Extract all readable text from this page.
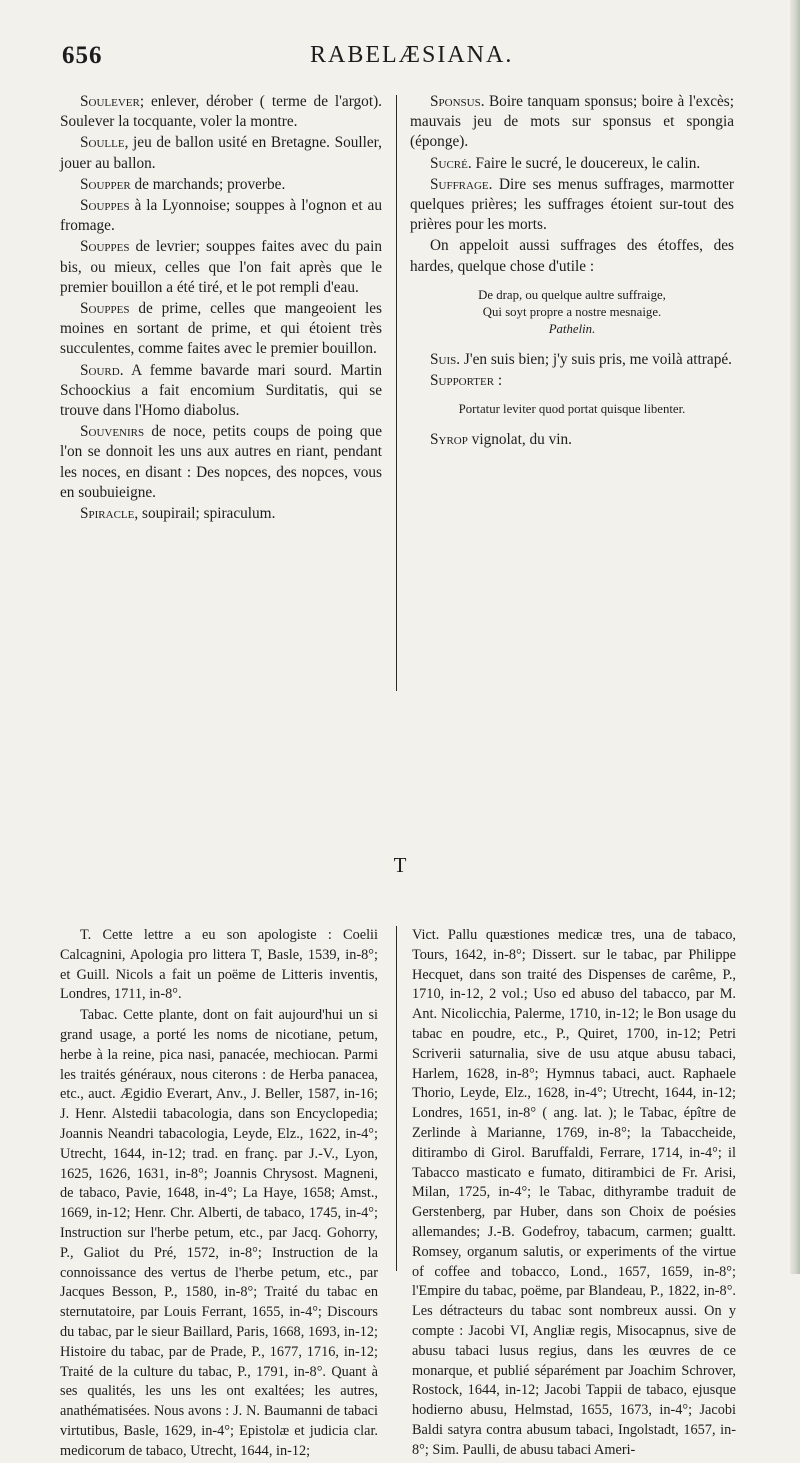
656	RABELÆSIANA.

Soulever; enlever, dérober ( terme de l'argot). Soulever la tocquante, voler la montre.

Soulle, jeu de ballon usité en Bretagne. Souller, jouer au ballon.

Soupper de marchands; proverbe.

Souppes à la Lyonnoise; souppes à l'ognon et au fromage.

Souppes de levrier; souppes faites avec du pain bis, ou mieux, celles que l'on fait après que le premier bouillon a été tiré, et le pot rempli d'eau.

Souppes de prime, celles que mangeoient les moines en sortant de prime, et qui étoient très succulentes, comme faites avec le premier bouillon.

Sourd. A femme bavarde mari sourd. Martin Schoockius a fait encomium Surditatis, qui se trouve dans l'Homo diabolus.

Souvenirs de noce, petits coups de poing que l'on se donnoit les uns aux autres en riant, pendant les noces, en disant : Des nopces, des nopces, vous en soubuieigne.

Spiracle, soupirail; spiraculum.

Sponsus. Boire tanquam sponsus; boire à l'excès; mauvais jeu de mots sur sponsus et spongia (éponge).

Sucré. Faire le sucré, le doucereux, le calin.

Suffrage. Dire ses menus suffrages, marmotter quelques prières; les suffrages étoient sur-tout des prières pour les morts.

On appeloit aussi suffrages des étoffes, des hardes, quelque chose d'utile :

De drap, ou quelque aultre suffraige,
Qui soyt propre a nostre mesnaige.
Pathelin.

Suis. J'en suis bien; j'y suis pris, me voilà attrapé.

Supporter :

Portatur leviter quod portat quisque libenter.

Syrop vignolat, du vin.

T

T. Cette lettre a eu son apologiste : Coelii Calcagnini, Apologia pro littera T, Basle, 1539, in-8°; et Guill. Nicols a fait un poëme de Litteris inventis, Londres, 1711, in-8°.

Tabac. Cette plante, dont on fait aujourd'hui un si grand usage, a porté les noms de nicotiane, petum, herbe à la reine, pica nasi, panacée, mechiocan. Parmi les traités généraux, nous citerons : de Herba panacea, etc., auct. Ægidio Everart, Anv., J. Beller, 1587, in-16; J. Henr. Alstedii tabacologia, dans son Encyclopedia; Joannis Neandri tabacologia, Leyde, Elz., 1622, in-4°; Utrecht, 1644, in-12; trad. en franç. par J.-V., Lyon, 1625, 1626, 1631, in-8°; Joannis Chrysost. Magneni, de tabaco, Pavie, 1648, in-4°; La Haye, 1658; Amst., 1669, in-12; Henr. Chr. Alberti, de tabaco, 1745, in-4°; Instruction sur l'herbe petum, etc., par Jacq. Gohorry, P., Galiot du Pré, 1572, in-8°; Instruction de la connoissance des vertus de l'herbe petum, etc., par Jacques Besson, P., 1580, in-8°; Traité du tabac en sternutatoire, par Louis Ferrant, 1655, in-4°; Discours du tabac, par le sieur Baillard, Paris, 1668, 1693, in-12; Histoire du tabac, par de Prade, P., 1677, 1716, in-12; Traité de la culture du tabac, P., 1791, in-8°. Quant à ses qualités, les uns les ont exaltées; les autres, anathématisées. Nous avons : J. N. Baumanni de tabaci virtutibus, Basle, 1629, in-4°; Epistolæ et judicia clar. medicorum de tabaco, Utrecht, 1644, in-12;

Vict. Pallu quæstiones medicæ tres, una de tabaco, Tours, 1642, in-8°; Dissert. sur le tabac, par Philippe Hecquet, dans son traité des Dispenses de carême, P., 1710, in-12, 2 vol.; Uso ed abuso del tabacco, par M. Ant. Nicolicchia, Palerme, 1710, in-12; le Bon usage du tabac en poudre, etc., P., Quiret, 1700, in-12; Petri Scriverii saturnalia, sive de usu atque abusu tabaci, Harlem, 1628, in-8°; Hymnus tabaci, auct. Raphaele Thorio, Leyde, Elz., 1628, in-4°; Utrecht, 1644, in-12; Londres, 1651, in-8° ( ang. lat. ); le Tabac, épître de Zerlinde à Marianne, 1769, in-8°; la Tabaccheide, ditirambo di Girol. Baruffaldi, Ferrare, 1714, in-4°; il Tabacco masticato e fumato, ditirambici de Fr. Arisi, Milan, 1725, in-4°; le Tabac, dithyrambe traduit de Gerstenberg, par Huber, dans son Choix de poésies allemandes; J.-B. Godefroy, tabacum, carmen; gualtt. Romsey, organum salutis, or experiments of the virtue of coffee and tobacco, Lond., 1657, 1659, in-8°; l'Empire du tabac, poëme, par Blandeau, P., 1822, in-8°. Les détracteurs du tabac sont nombreux aussi. On y compte : Jacobi VI, Angliæ regis, Misocapnus, sive de abusu tabaci lusus regius, dans les œuvres de ce monarque, et publié séparément par Joachim Schrover, Rostock, 1644, in-12; Jacobi Tappii de tabaco, ejusque hodierno abusu, Helmstad, 1655, 1673, in-4°; Jacobi Baldi satyra contra abusum tabaci, Ingolstadt, 1657, in-8°; Sim. Paulli, de abusu tabaci Ameri-
